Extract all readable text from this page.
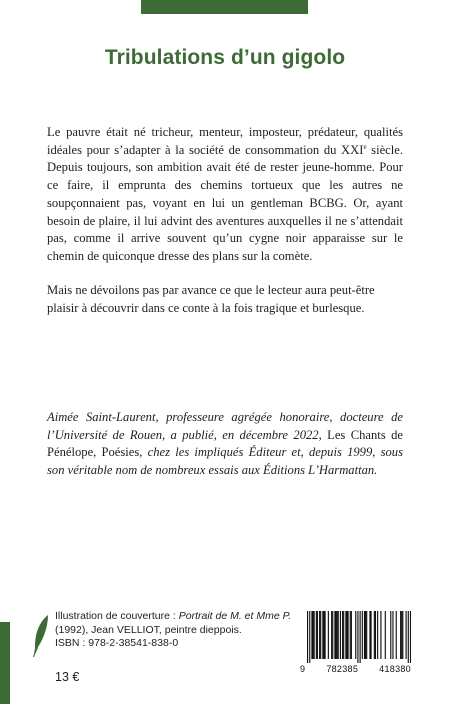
Tribulations d’un gigolo

Le pauvre était né tricheur, menteur, imposteur, prédateur, qualités idéales pour s’adapter à la société de consommation du XXIe siècle. Depuis toujours, son ambition avait été de rester jeune-homme. Pour ce faire, il emprunta des chemins tortueux que les autres ne soupçonnaient pas, voyant en lui un gentleman BCBG. Or, ayant besoin de plaire, il lui advint des aventures auxquelles il ne s’attendait pas, comme il arrive souvent qu’un cygne noir apparaisse sur le chemin de quiconque dresse des plans sur la comète.

Mais ne dévoilons pas par avance ce que le lecteur aura peut-être plaisir à découvrir dans ce conte à la fois tragique et burlesque.

Aimée Saint-Laurent, professeure agrégée honoraire, docteure de l’Université de Rouen, a publié, en décembre 2022, Les Chants de Pénélope, Poésies, chez les impliqués Éditeur et, depuis 1999, sous son véritable nom de nombreux essais aux Éditions L’Harmattan.

Illustration de couverture : Portrait de M. et Mme P. (1992), Jean VELLIOT, peintre dieppois.
ISBN : 978-2-38541-838-0
13 €
9 782385 418380
